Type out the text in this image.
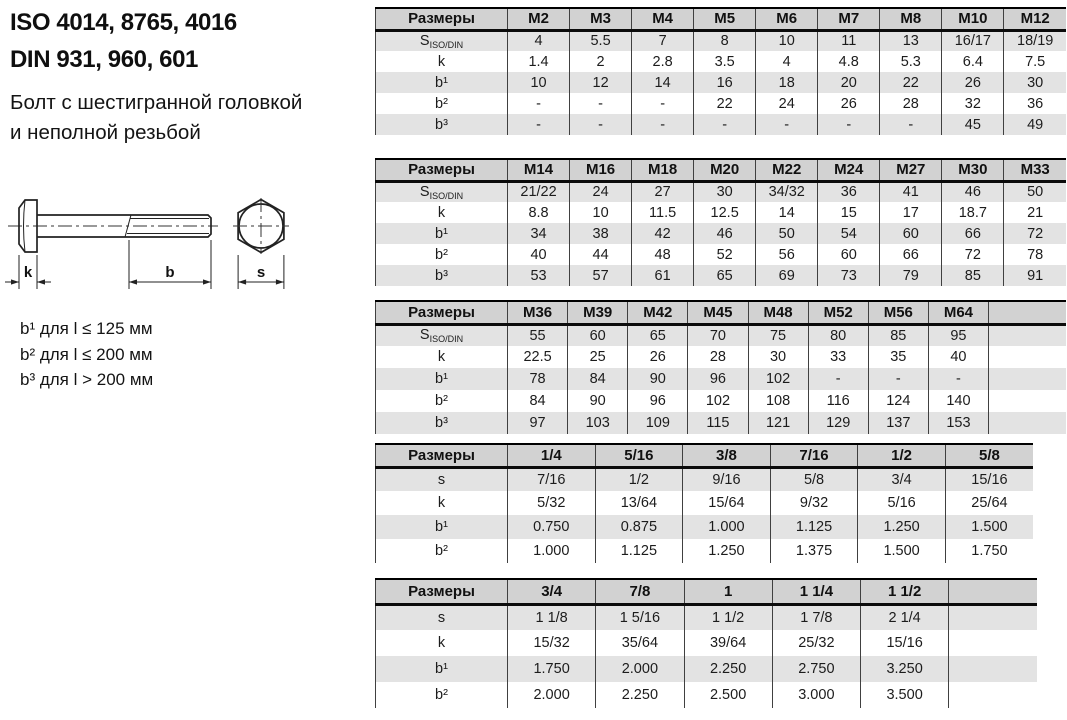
ISO 4014, 8765, 4016
DIN 931, 960, 601
Болт с шестигранной головкой
и неполной резьбой
k	b	s
b¹ для l ≤ 125 мм
b² для l ≤ 200 мм
b³ для l > 200 мм
Размеры	M2	M3	M4	M5	M6	M7	M8	M10	M12
$S_{ISO/DIN}$	4	5.5	7	8	10	11	13	16/17	18/19
k	1.4	2	2.8	3.5	4	4.8	5.3	6.4	7.5
b¹	10	12	14	16	18	20	22	26	30
b²	-	-	-	22	24	26	28	32	36
b³	-	-	-	-	-	-	-	45	49
Размеры	M14	M16	M18	M20	M22	M24	M27	M30	M33
$S_{ISO/DIN}$	21/22	24	27	30	34/32	36	41	46	50
k	8.8	10	11.5	12.5	14	15	17	18.7	21
b¹	34	38	42	46	50	54	60	66	72
b²	40	44	48	52	56	60	66	72	78
b³	53	57	61	65	69	73	79	85	91
Размеры	M36	M39	M42	M45	M48	M52	M56	M64	
$S_{ISO/DIN}$	55	60	65	70	75	80	85	95	
k	22.5	25	26	28	30	33	35	40	
b¹	78	84	90	96	102	-	-	-	
b²	84	90	96	102	108	116	124	140	
b³	97	103	109	115	121	129	137	153	
Размеры	1/4	5/16	3/8	7/16	1/2	5/8
s	7/16	1/2	9/16	5/8	3/4	15/16
k	5/32	13/64	15/64	9/32	5/16	25/64
b¹	0.750	0.875	1.000	1.125	1.250	1.500
b²	1.000	1.125	1.250	1.375	1.500	1.750
Размеры	3/4	7/8	1	1 1/4	1 1/2	
s	1 1/8	1 5/16	1 1/2	1 7/8	2 1/4	
k	15/32	35/64	39/64	25/32	15/16	
b¹	1.750	2.000	2.250	2.750	3.250	
b²	2.000	2.250	2.500	3.000	3.500	
